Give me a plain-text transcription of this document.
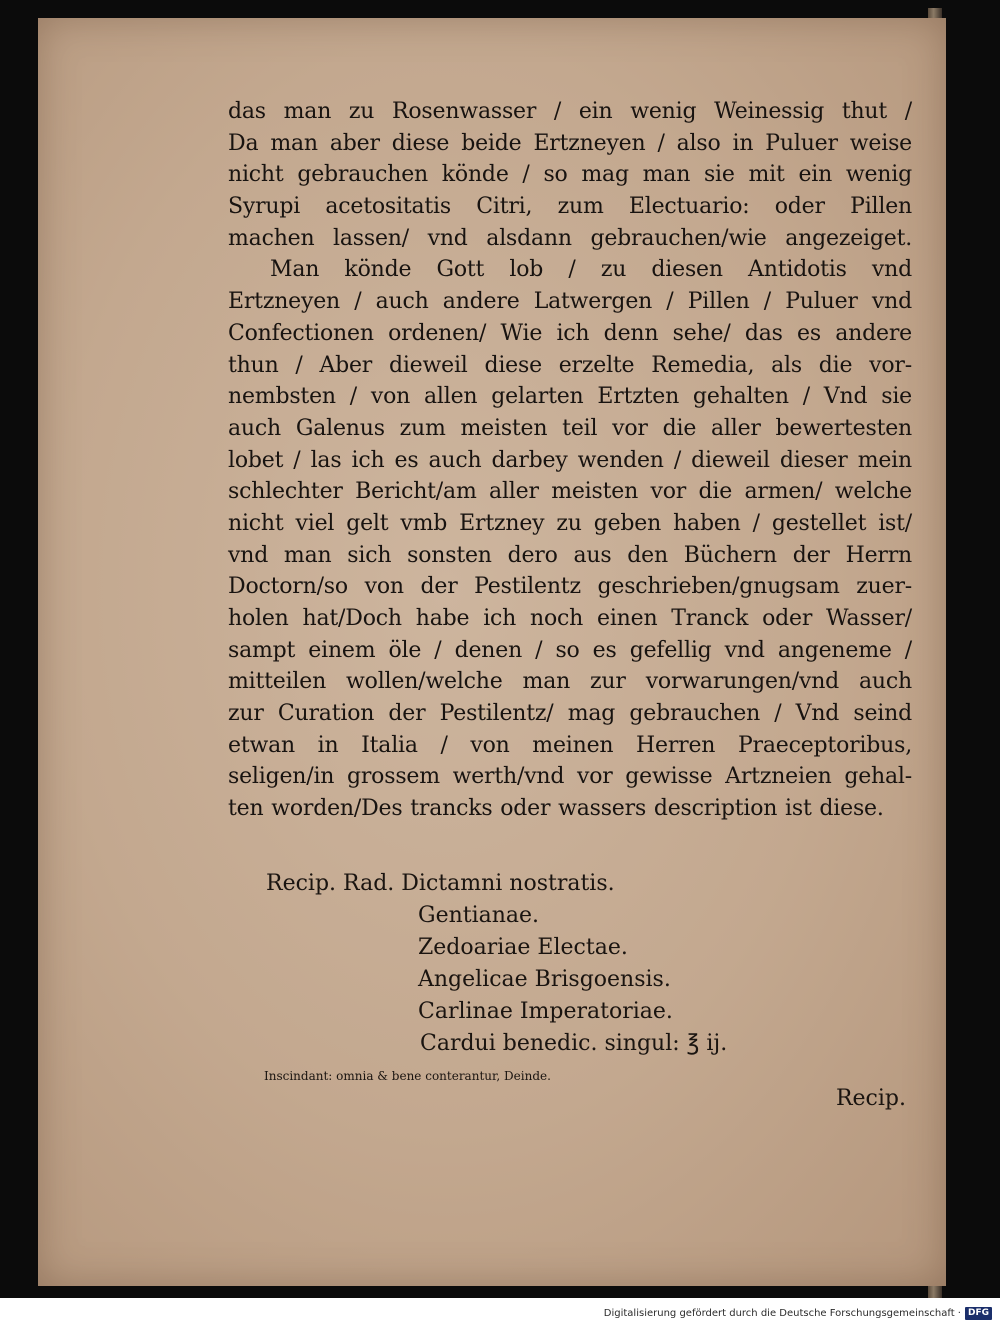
das man zu Rosenwasser / ein wenig Weinessig thut /
Da man aber diese beide Ertzneyen / also in Puluer weise
nicht gebrauchen könde / so mag man sie mit ein wenig
Syrupi acetositatis Citri, zum Electuario: oder Pillen
machen lassen/ vnd alsdann gebrauchen/wie angezeiget.
Man könde Gott lob / zu diesen Antidotis vnd
Ertzneyen / auch andere Latwergen / Pillen / Puluer vnd
Confectionen ordenen/ Wie ich denn sehe/ das es andere
thun / Aber dieweil diese erzelte Remedia, als die vor-
nembsten / von allen gelarten Ertzten gehalten / Vnd sie
auch Galenus zum meisten teil vor die aller bewertesten
lobet / las ich es auch darbey wenden / dieweil dieser mein
schlechter Bericht/am aller meisten vor die armen/ welche
nicht viel gelt vmb Ertzney zu geben haben / gestellet ist/
vnd man sich sonsten dero aus den Büchern der Herrn
Doctorn/so von der Pestilentz geschrieben/gnugsam zuer-
holen hat/Doch habe ich noch einen Tranck oder Wasser/
sampt einem öle / denen / so es gefellig vnd angeneme /
mitteilen wollen/welche man zur vorwarungen/vnd auch
zur Curation der Pestilentz/ mag gebrauchen / Vnd seind
etwan in Italia / von meinen Herren Praeceptoribus,
seligen/in grossem werth/vnd vor gewisse Artzneien gehal-
ten worden/Des trancks oder wassers description ist diese.
Recip. Rad. Dictamni nostratis.
Gentianae.
Zedoariae Electae.
Angelicae Brisgoensis.
Carlinae Imperatoriae.
Cardui benedic. singul: ℥ ij.
Inscindant: omnia & bene conterantur, Deinde.
Recip.
Digitalisierung gefördert durch die Deutsche Forschungsgemeinschaft · DFG
